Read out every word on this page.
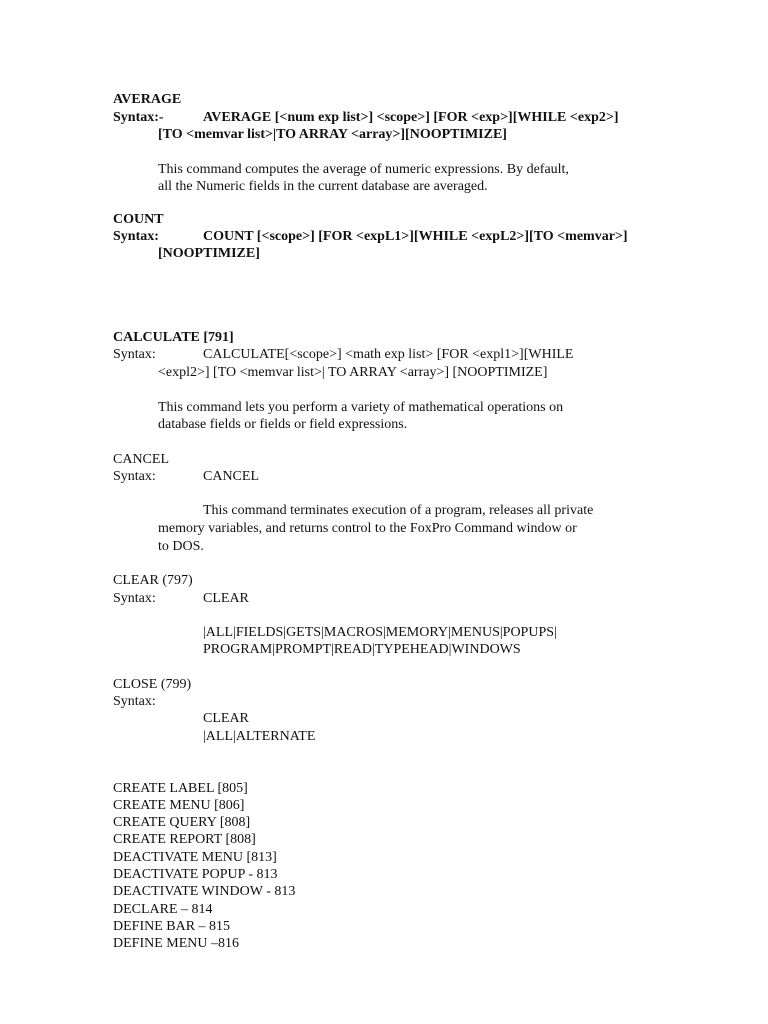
AVERAGE
Syntax:-	AVERAGE [<num exp list>] <scope>] [FOR <exp>][WHILE <exp2>]
[TO <memvar list>|TO ARRAY <array>][NOOPTIMIZE]
This command computes the average of numeric expressions. By default,
all the Numeric fields in the current database are averaged.
COUNT
Syntax:	COUNT [<scope>] [FOR <expL1>][WHILE <expL2>][TO <memvar>]
[NOOPTIMIZE]
CALCULATE [791]
Syntax:	CALCULATE[<scope>] <math exp list> [FOR <expl1>][WHILE
<expl2>] [TO <memvar list>| TO ARRAY <array>] [NOOPTIMIZE]
This command lets you perform a variety of mathematical operations on
database fields or fields or field expressions.
CANCEL
Syntax:	CANCEL
This command terminates execution of a program, releases all private
memory variables, and returns control to the FoxPro Command window or
to DOS.
CLEAR (797)
Syntax:	CLEAR
|ALL|FIELDS|GETS|MACROS|MEMORY|MENUS|POPUPS|
PROGRAM|PROMPT|READ|TYPEHEAD|WINDOWS
CLOSE (799)
Syntax:
CLEAR
|ALL|ALTERNATE
CREATE LABEL [805]
CREATE MENU [806]
CREATE QUERY [808]
CREATE REPORT [808]
DEACTIVATE MENU [813]
DEACTIVATE POPUP - 813
DEACTIVATE WINDOW - 813
DECLARE – 814
DEFINE BAR – 815
DEFINE MENU –816
